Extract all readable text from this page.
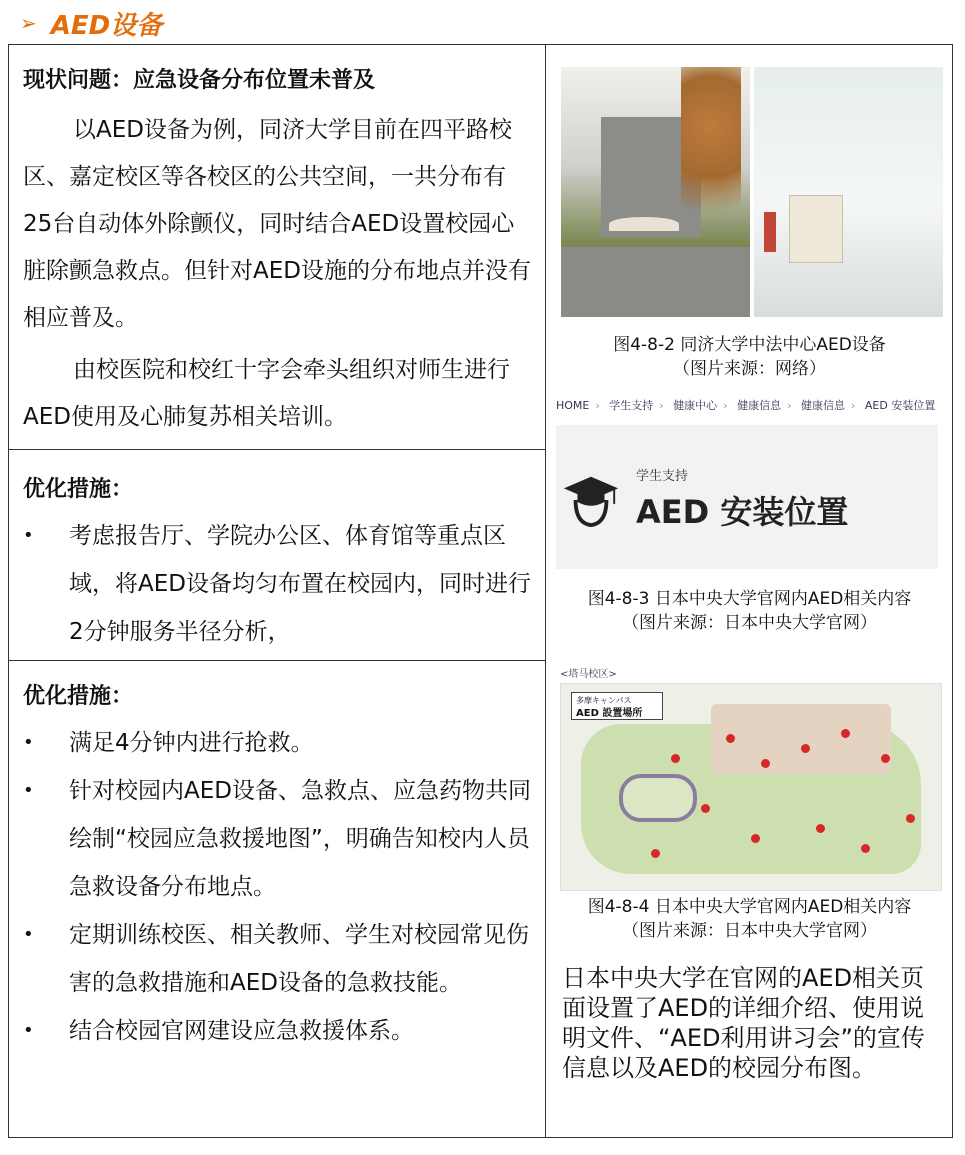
➢ AED设备
现状问题：应急设备分布位置未普及
以AED设备为例，同济大学目前在四平路校区、嘉定校区等各校区的公共空间，一共分布有25台自动体外除颤仪，同时结合AED设置校园心脏除颤急救点。但针对AED设施的分布地点并没有相应普及。
由校医院和校红十字会牵头组织对师生进行AED使用及心肺复苏相关培训。
优化措施：
• 考虑报告厅、学院办公区、体育馆等重点区域，将AED设备均匀布置在校园内，同时进行2分钟服务半径分析，
优化措施：
• 满足4分钟内进行抢救。
• 针对校园内AED设备、急救点、应急药物共同绘制“校园应急救援地图”，明确告知校内人员急救设备分布地点。
• 定期训练校医、相关教师、学生对校园常见伤害的急救措施和AED设备的急救技能。
• 结合校园官网建设应急救援体系。
图4-8-2 同济大学中法中心AED设备
（图片来源：网络）
HOME › 学生支持 › 健康中心 › 健康信息 › 健康信息 › AED 安装位置
学生支持
AED 安装位置
图4-8-3 日本中央大学官网内AED相关内容
（图片来源：日本中央大学官网）
<塔马校区>
多摩キャンパス
AED 設置場所
图4-8-4 日本中央大学官网内AED相关内容
（图片来源：日本中央大学官网）
日本中央大学在官网的AED相关页面设置了AED的详细介绍、使用说明文件、“AED利用讲习会”的宣传信息以及AED的校园分布图。
